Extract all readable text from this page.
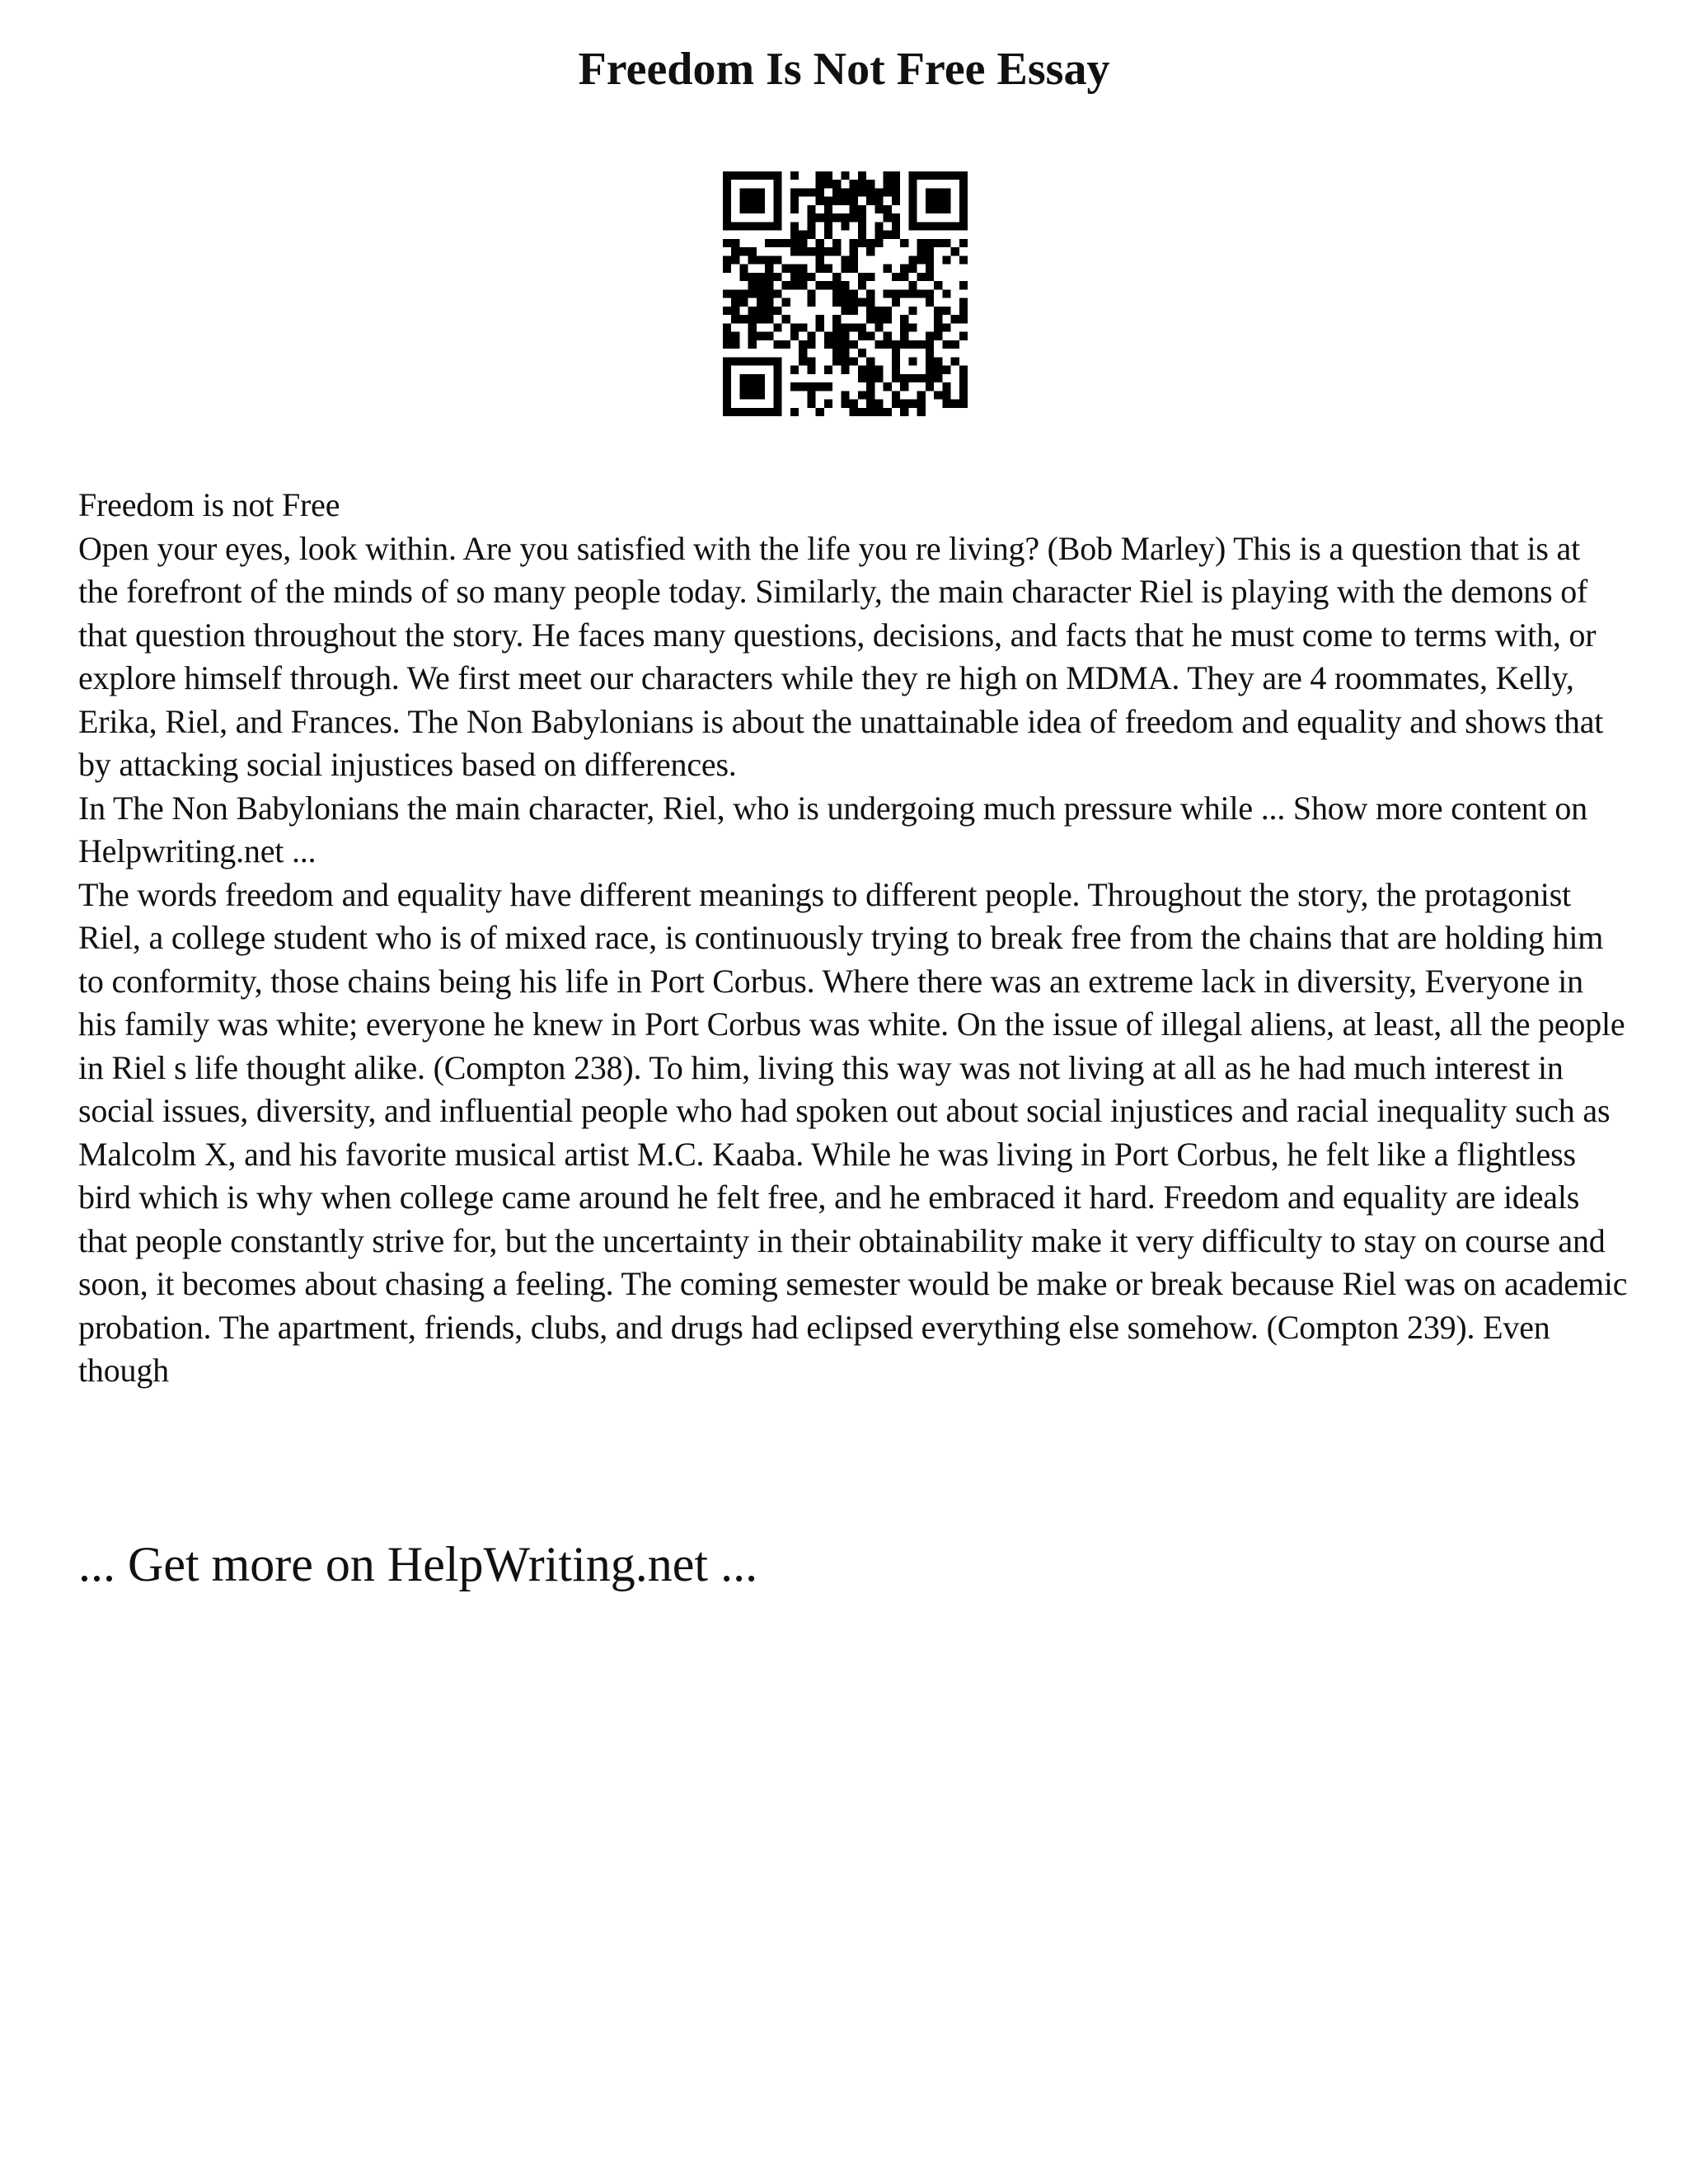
Freedom Is Not Free Essay

Freedom is not Free

Open your eyes, look within. Are you satisfied with the life you re living? (Bob Marley) This is a question that is at the forefront of the minds of so many people today. Similarly, the main character Riel is playing with the demons of that question throughout the story. He faces many questions, decisions, and facts that he must come to terms with, or explore himself through. We first meet our characters while they re high on MDMA. They are 4 roommates, Kelly, Erika, Riel, and Frances. The Non Babylonians is about the unattainable idea of freedom and equality and shows that by attacking social injustices based on differences.

In The Non Babylonians the main character, Riel, who is undergoing much pressure while ... Show more content on Helpwriting.net ...

The words freedom and equality have different meanings to different people. Throughout the story, the protagonist Riel, a college student who is of mixed race, is continuously trying to break free from the chains that are holding him to conformity, those chains being his life in Port Corbus. Where there was an extreme lack in diversity, Everyone in his family was white; everyone he knew in Port Corbus was white. On the issue of illegal aliens, at least, all the people in Riel s life thought alike. (Compton 238). To him, living this way was not living at all as he had much interest in social issues, diversity, and influential people who had spoken out about social injustices and racial inequality such as Malcolm X, and his favorite musical artist M.C. Kaaba. While he was living in Port Corbus, he felt like a flightless bird which is why when college came around he felt free, and he embraced it hard. Freedom and equality are ideals that people constantly strive for, but the uncertainty in their obtainability make it very difficulty to stay on course and soon, it becomes about chasing a feeling. The coming semester would be make or break because Riel was on academic probation. The apartment, friends, clubs, and drugs had eclipsed everything else somehow. (Compton 239). Even though

... Get more on HelpWriting.net ...
